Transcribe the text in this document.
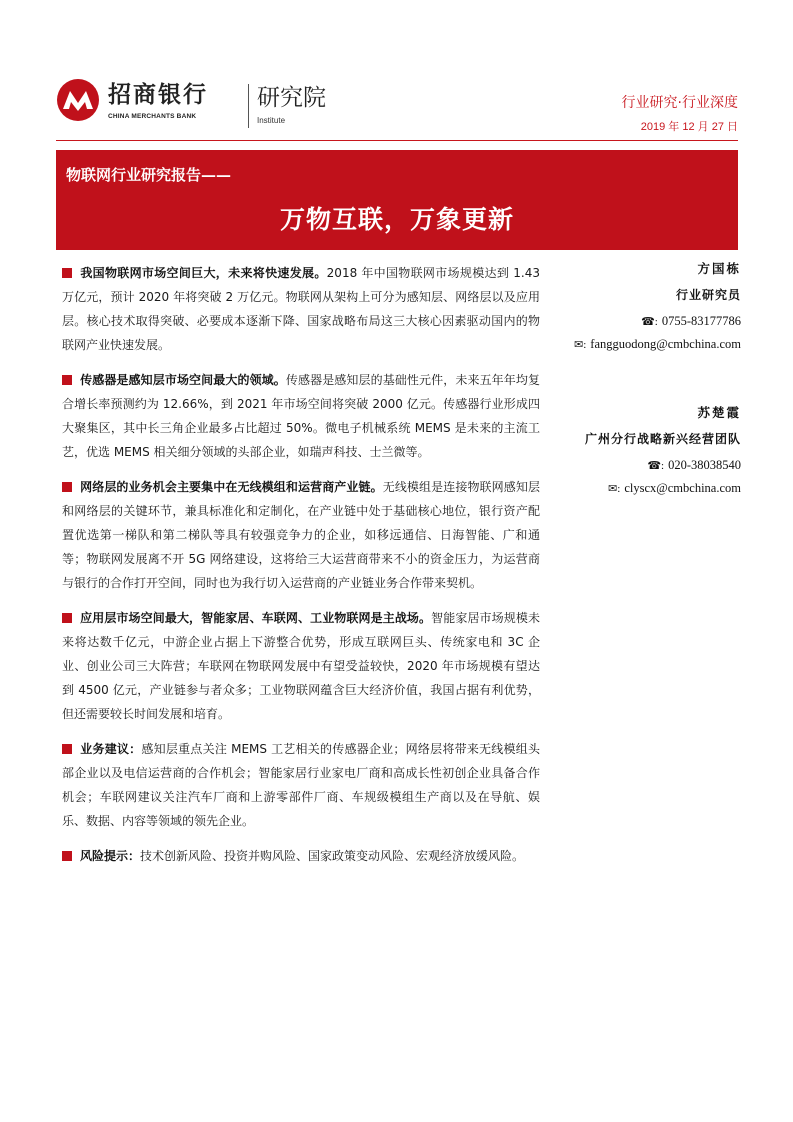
招商银行
CHINA MERCHANTS BANK
研究院
Institute
行业研究·行业深度
2019 年 12 月 27 日
物联网行业研究报告——
万物互联，万象更新

我国物联网市场空间巨大，未来将快速发展。2018 年中国物联网市场规模达到 1.43 万亿元，预计 2020 年将突破 2 万亿元。物联网从架构上可分为感知层、网络层以及应用层。核心技术取得突破、必要成本逐渐下降、国家战略布局这三大核心因素驱动国内的物联网产业快速发展。

传感器是感知层市场空间最大的领域。传感器是感知层的基础性元件，未来五年年均复合增长率预测约为 12.66%，到 2021 年市场空间将突破 2000 亿元。传感器行业形成四大聚集区，其中长三角企业最多占比超过 50%。微电子机械系统 MEMS 是未来的主流工艺，优选 MEMS 相关细分领域的头部企业，如瑞声科技、士兰微等。

网络层的业务机会主要集中在无线模组和运营商产业链。无线模组是连接物联网感知层和网络层的关键环节，兼具标准化和定制化，在产业链中处于基础核心地位，银行资产配置优选第一梯队和第二梯队等具有较强竞争力的企业，如移远通信、日海智能、广和通等；物联网发展离不开 5G 网络建设，这将给三大运营商带来不小的资金压力，为运营商与银行的合作打开空间，同时也为我行切入运营商的产业链业务合作带来契机。

应用层市场空间最大，智能家居、车联网、工业物联网是主战场。智能家居市场规模未来将达数千亿元，中游企业占据上下游整合优势，形成互联网巨头、传统家电和 3C 企业、创业公司三大阵营；车联网在物联网发展中有望受益较快，2020 年市场规模有望达到 4500 亿元，产业链参与者众多；工业物联网蕴含巨大经济价值，我国占据有利优势，但还需要较长时间发展和培育。

业务建议：感知层重点关注 MEMS 工艺相关的传感器企业；网络层将带来无线模组头部企业以及电信运营商的合作机会；智能家居行业家电厂商和高成长性初创企业具备合作机会；车联网建议关注汽车厂商和上游零部件厂商、车规级模组生产商以及在导航、娱乐、数据、内容等领域的领先企业。

风险提示：技术创新风险、投资并购风险、国家政策变动风险、宏观经济放缓风险。

方国栋
行业研究员
☎: 0755-83177786
✉: fangguodong@cmbchina.com
苏楚霞
广州分行战略新兴经营团队
☎: 020-38038540
✉: clyscx@cmbchina.com
